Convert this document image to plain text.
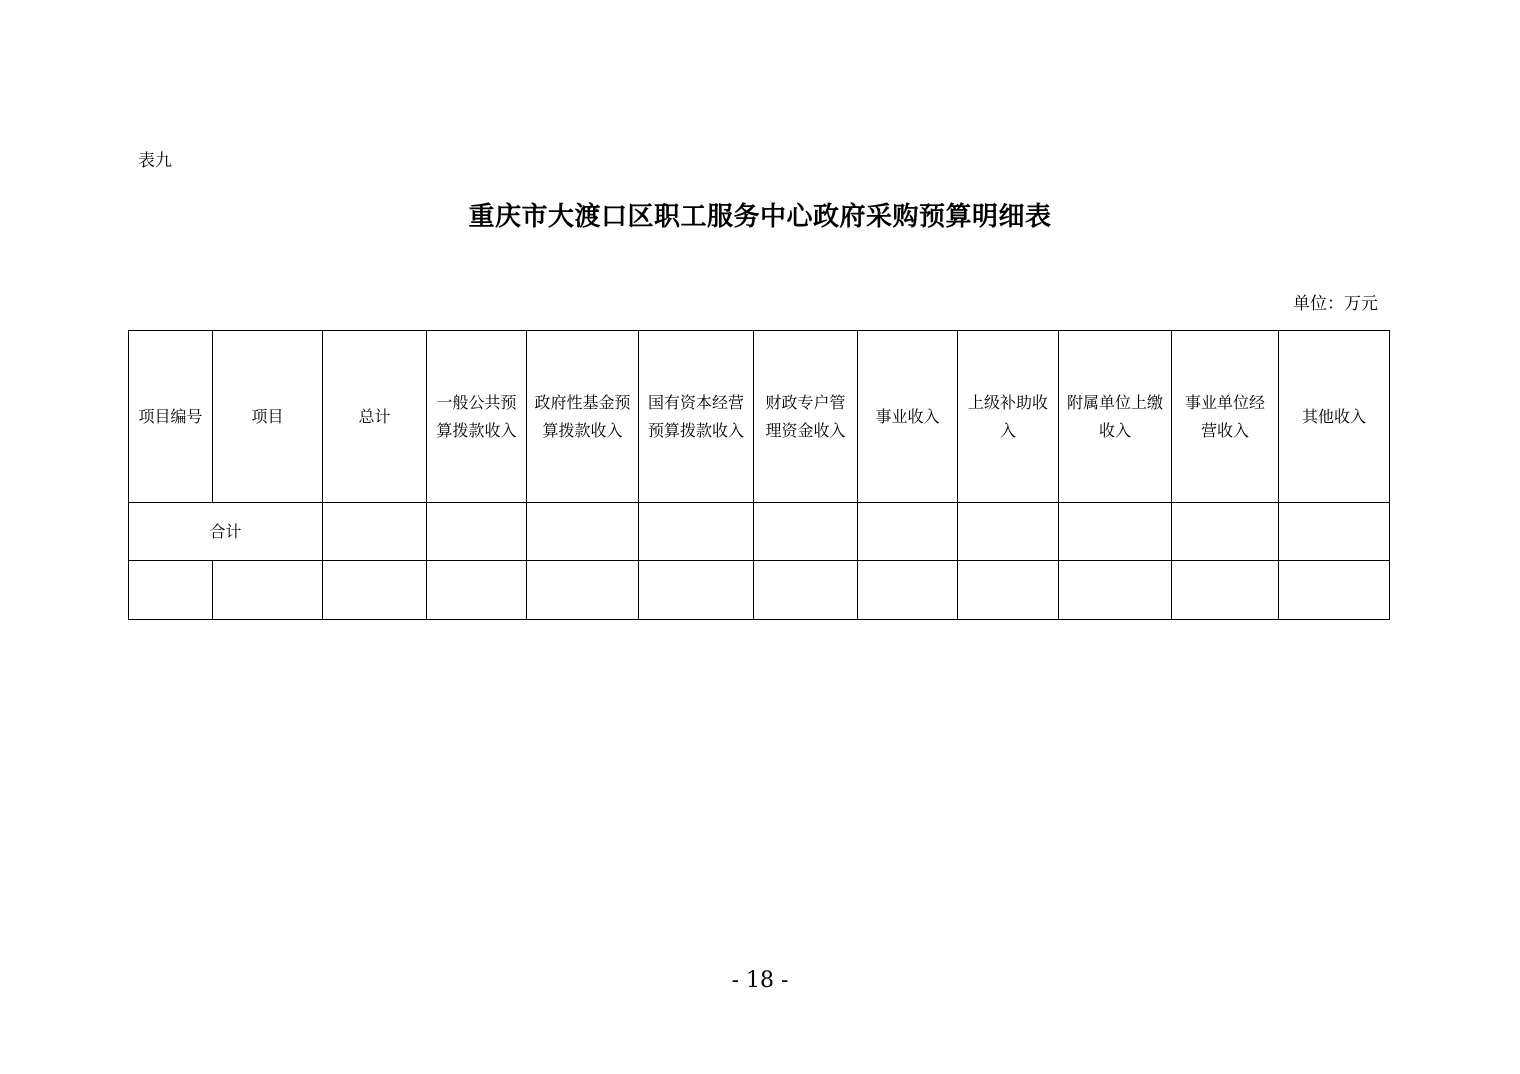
表九
重庆市大渡口区职工服务中心政府采购预算明细表
单位：万元
项目编号	项目	总计	一般公共预算拨款收入	政府性基金预算拨款收入	国有资本经营预算拨款收入	财政专户管理资金收入	事业收入	上级补助收入	附属单位上缴收入	事业单位经营收入	其他收入
合计											

- 18 -
